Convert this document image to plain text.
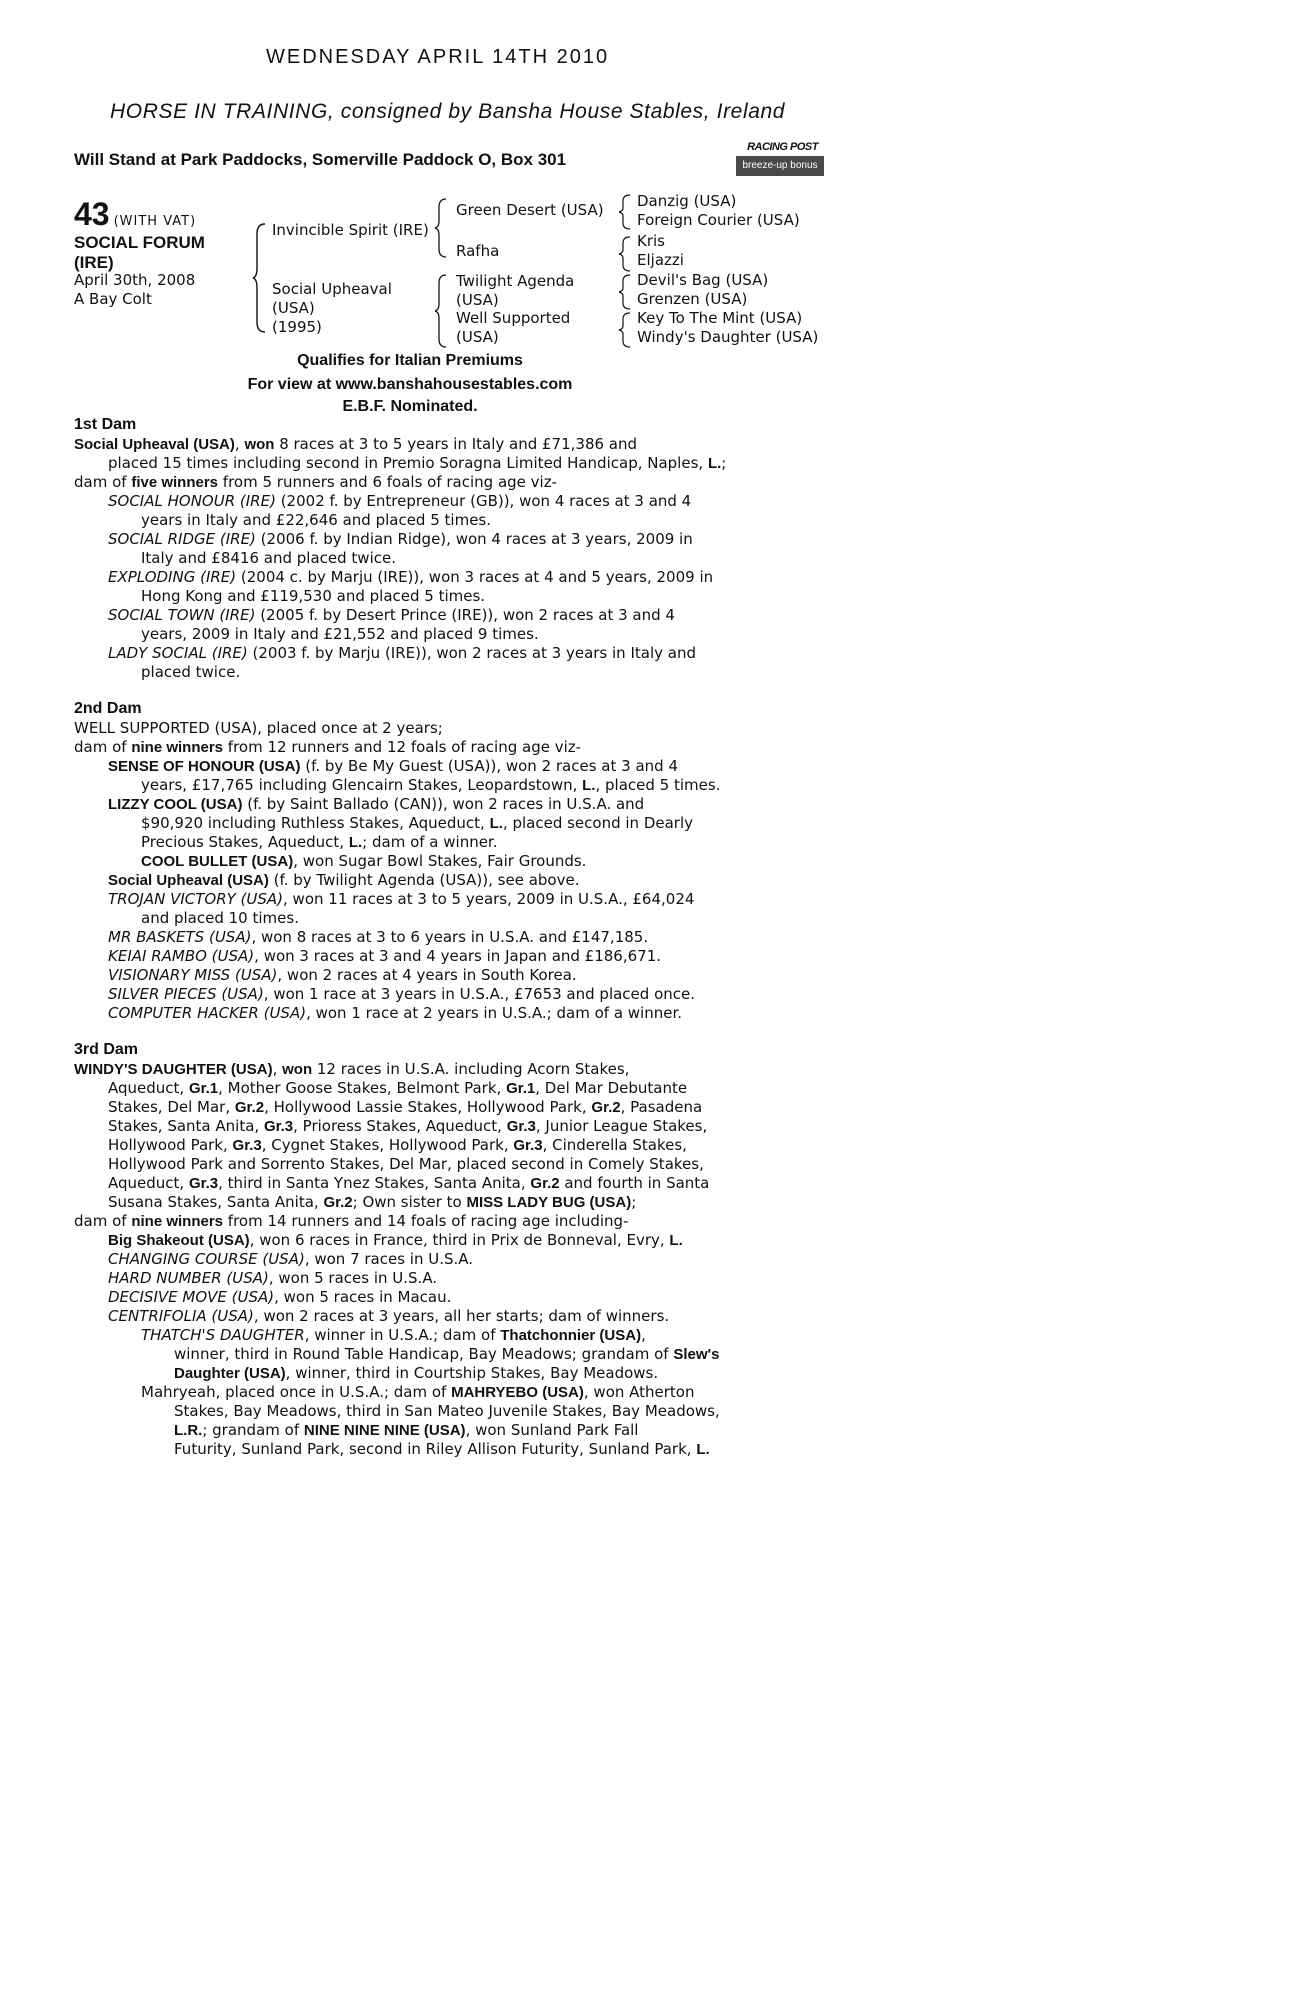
WEDNESDAY APRIL 14TH 2010
HORSE IN TRAINING, consigned by Bansha House Stables, Ireland
Will Stand at Park Paddocks, Somerville Paddock O, Box 301
RACING POST
breeze-up bonus
43 (WITH VAT)
SOCIAL FORUM
(IRE)
April 30th, 2008
A Bay Colt
Invincible Spirit (IRE)
Social Upheaval
(USA)
(1995)
Green Desert (USA)
Rafha
Twilight Agenda
(USA)
Well Supported
(USA)
Danzig (USA)
Foreign Courier (USA)
Kris
Eljazzi
Devil's Bag (USA)
Grenzen (USA)
Key To The Mint (USA)
Windy's Daughter (USA)
Qualifies for Italian Premiums
For view at www.banshahousestables.com
E.B.F. Nominated.
1st Dam
Social Upheaval (USA), won 8 races at 3 to 5 years in Italy and £71,386 and
placed 15 times including second in Premio Soragna Limited Handicap, Naples, L.;
dam of five winners from 5 runners and 6 foals of racing age viz-
SOCIAL HONOUR (IRE) (2002 f. by Entrepreneur (GB)), won 4 races at 3 and 4
years in Italy and £22,646 and placed 5 times.
SOCIAL RIDGE (IRE) (2006 f. by Indian Ridge), won 4 races at 3 years, 2009 in
Italy and £8416 and placed twice.
EXPLODING (IRE) (2004 c. by Marju (IRE)), won 3 races at 4 and 5 years, 2009 in
Hong Kong and £119,530 and placed 5 times.
SOCIAL TOWN (IRE) (2005 f. by Desert Prince (IRE)), won 2 races at 3 and 4
years, 2009 in Italy and £21,552 and placed 9 times.
LADY SOCIAL (IRE) (2003 f. by Marju (IRE)), won 2 races at 3 years in Italy and
placed twice.
2nd Dam
WELL SUPPORTED (USA), placed once at 2 years;
dam of nine winners from 12 runners and 12 foals of racing age viz-
SENSE OF HONOUR (USA) (f. by Be My Guest (USA)), won 2 races at 3 and 4
years, £17,765 including Glencairn Stakes, Leopardstown, L., placed 5 times.
LIZZY COOL (USA) (f. by Saint Ballado (CAN)), won 2 races in U.S.A. and
$90,920 including Ruthless Stakes, Aqueduct, L., placed second in Dearly
Precious Stakes, Aqueduct, L.; dam of a winner.
COOL BULLET (USA), won Sugar Bowl Stakes, Fair Grounds.
Social Upheaval (USA) (f. by Twilight Agenda (USA)), see above.
TROJAN VICTORY (USA), won 11 races at 3 to 5 years, 2009 in U.S.A., £64,024
and placed 10 times.
MR BASKETS (USA), won 8 races at 3 to 6 years in U.S.A. and £147,185.
KEIAI RAMBO (USA), won 3 races at 3 and 4 years in Japan and £186,671.
VISIONARY MISS (USA), won 2 races at 4 years in South Korea.
SILVER PIECES (USA), won 1 race at 3 years in U.S.A., £7653 and placed once.
COMPUTER HACKER (USA), won 1 race at 2 years in U.S.A.; dam of a winner.
3rd Dam
WINDY'S DAUGHTER (USA), won 12 races in U.S.A. including Acorn Stakes,
Aqueduct, Gr.1, Mother Goose Stakes, Belmont Park, Gr.1, Del Mar Debutante
Stakes, Del Mar, Gr.2, Hollywood Lassie Stakes, Hollywood Park, Gr.2, Pasadena
Stakes, Santa Anita, Gr.3, Prioress Stakes, Aqueduct, Gr.3, Junior League Stakes,
Hollywood Park, Gr.3, Cygnet Stakes, Hollywood Park, Gr.3, Cinderella Stakes,
Hollywood Park and Sorrento Stakes, Del Mar, placed second in Comely Stakes,
Aqueduct, Gr.3, third in Santa Ynez Stakes, Santa Anita, Gr.2 and fourth in Santa
Susana Stakes, Santa Anita, Gr.2; Own sister to MISS LADY BUG (USA);
dam of nine winners from 14 runners and 14 foals of racing age including-
Big Shakeout (USA), won 6 races in France, third in Prix de Bonneval, Evry, L.
CHANGING COURSE (USA), won 7 races in U.S.A.
HARD NUMBER (USA), won 5 races in U.S.A.
DECISIVE MOVE (USA), won 5 races in Macau.
CENTRIFOLIA (USA), won 2 races at 3 years, all her starts; dam of winners.
THATCH'S DAUGHTER, winner in U.S.A.; dam of Thatchonnier (USA),
winner, third in Round Table Handicap, Bay Meadows; grandam of Slew's
Daughter (USA), winner, third in Courtship Stakes, Bay Meadows.
Mahryeah, placed once in U.S.A.; dam of MAHRYEBO (USA), won Atherton
Stakes, Bay Meadows, third in San Mateo Juvenile Stakes, Bay Meadows,
L.R.; grandam of NINE NINE NINE (USA), won Sunland Park Fall
Futurity, Sunland Park, second in Riley Allison Futurity, Sunland Park, L.
